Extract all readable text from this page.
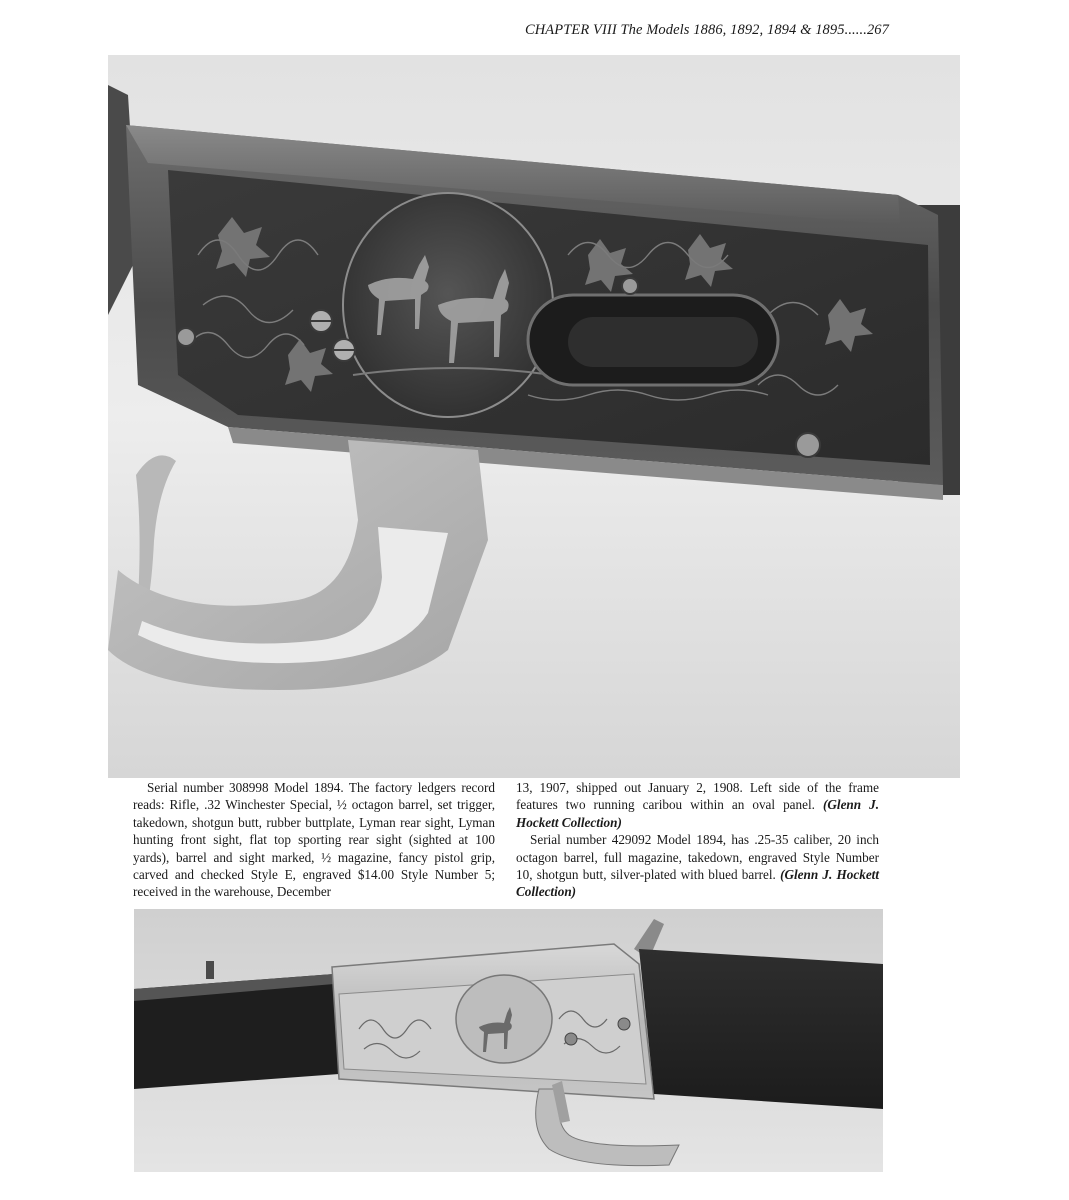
CHAPTER VIII The Models 1886, 1892, 1894 & 1895......267

Serial number 308998 Model 1894. The factory ledgers record reads: Rifle, .32 Winchester Special, ½ octagon barrel, set trigger, takedown, shotgun butt, rubber buttplate, Lyman rear sight, Lyman hunting front sight, flat top sporting rear sight (sighted at 100 yards), barrel and sight marked, ½ magazine, fancy pistol grip, carved and checked Style E, engraved $14.00 Style Number 5; received in the warehouse, December

13, 1907, shipped out January 2, 1908. Left side of the frame features two running caribou within an oval panel. (Glenn J. Hockett Collection)

Serial number 429092 Model 1894, has .25-35 caliber, 20 inch octagon barrel, full magazine, takedown, engraved Style Number 10, shotgun butt, silver-plated with blued barrel. (Glenn J. Hockett Collection)
